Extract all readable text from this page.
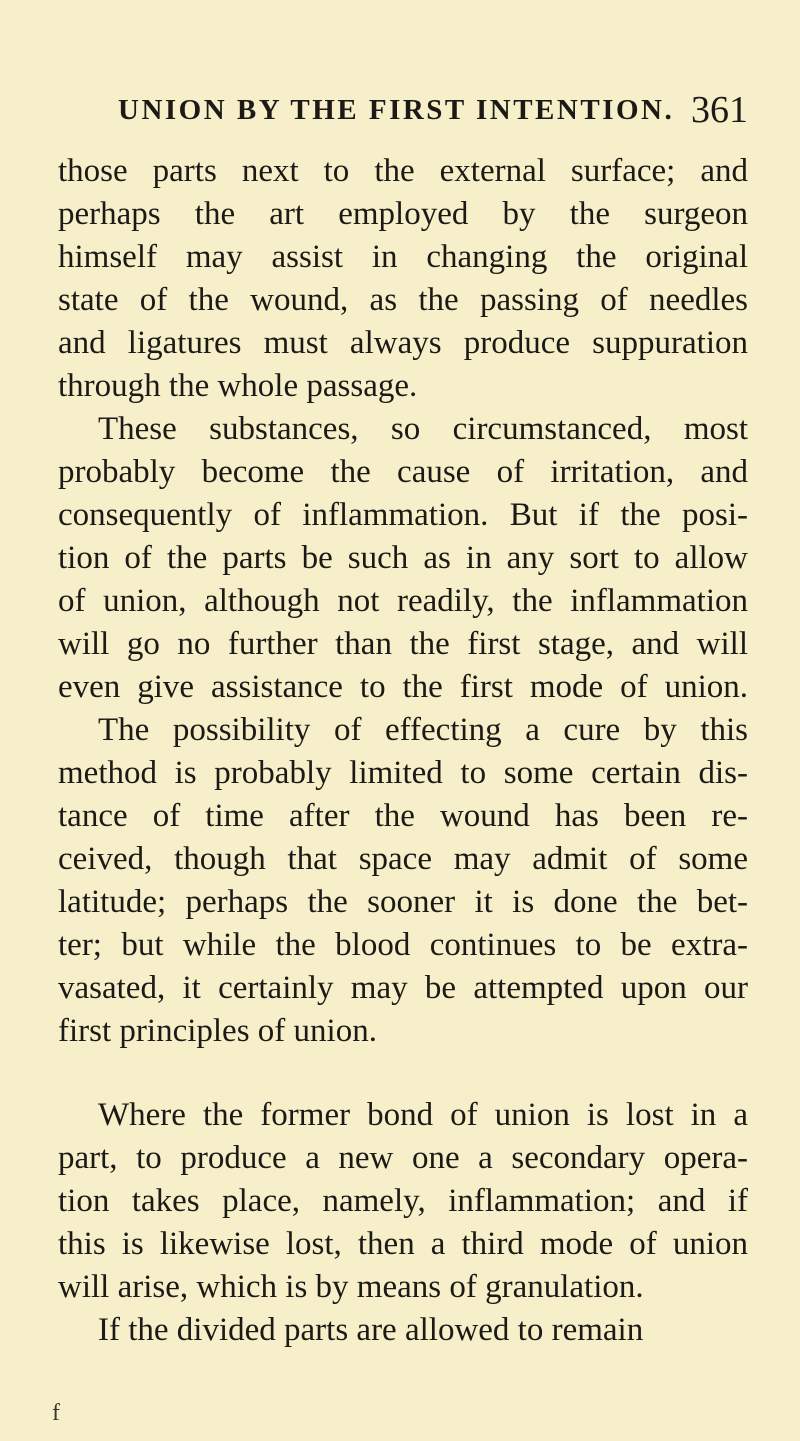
UNION BY THE FIRST INTENTION. 361
those parts next to the external surface; and
perhaps the art employed by the surgeon
himself may assist in changing the original
state of the wound, as the passing of needles
and ligatures must always produce suppuration
through the whole passage.
These substances, so circumstanced, most
probably become the cause of irritation, and
consequently of inflammation. But if the posi-
tion of the parts be such as in any sort to allow
of union, although not readily, the inflammation
will go no further than the first stage, and will
even give assistance to the first mode of union.
The possibility of effecting a cure by this
method is probably limited to some certain dis-
tance of time after the wound has been re-
ceived, though that space may admit of some
latitude; perhaps the sooner it is done the bet-
ter; but while the blood continues to be extra-
vasated, it certainly may be attempted upon our
first principles of union.
Where the former bond of union is lost in a
part, to produce a new one a secondary opera-
tion takes place, namely, inflammation; and if
this is likewise lost, then a third mode of union
will arise, which is by means of granulation.
If the divided parts are allowed to remain
f
